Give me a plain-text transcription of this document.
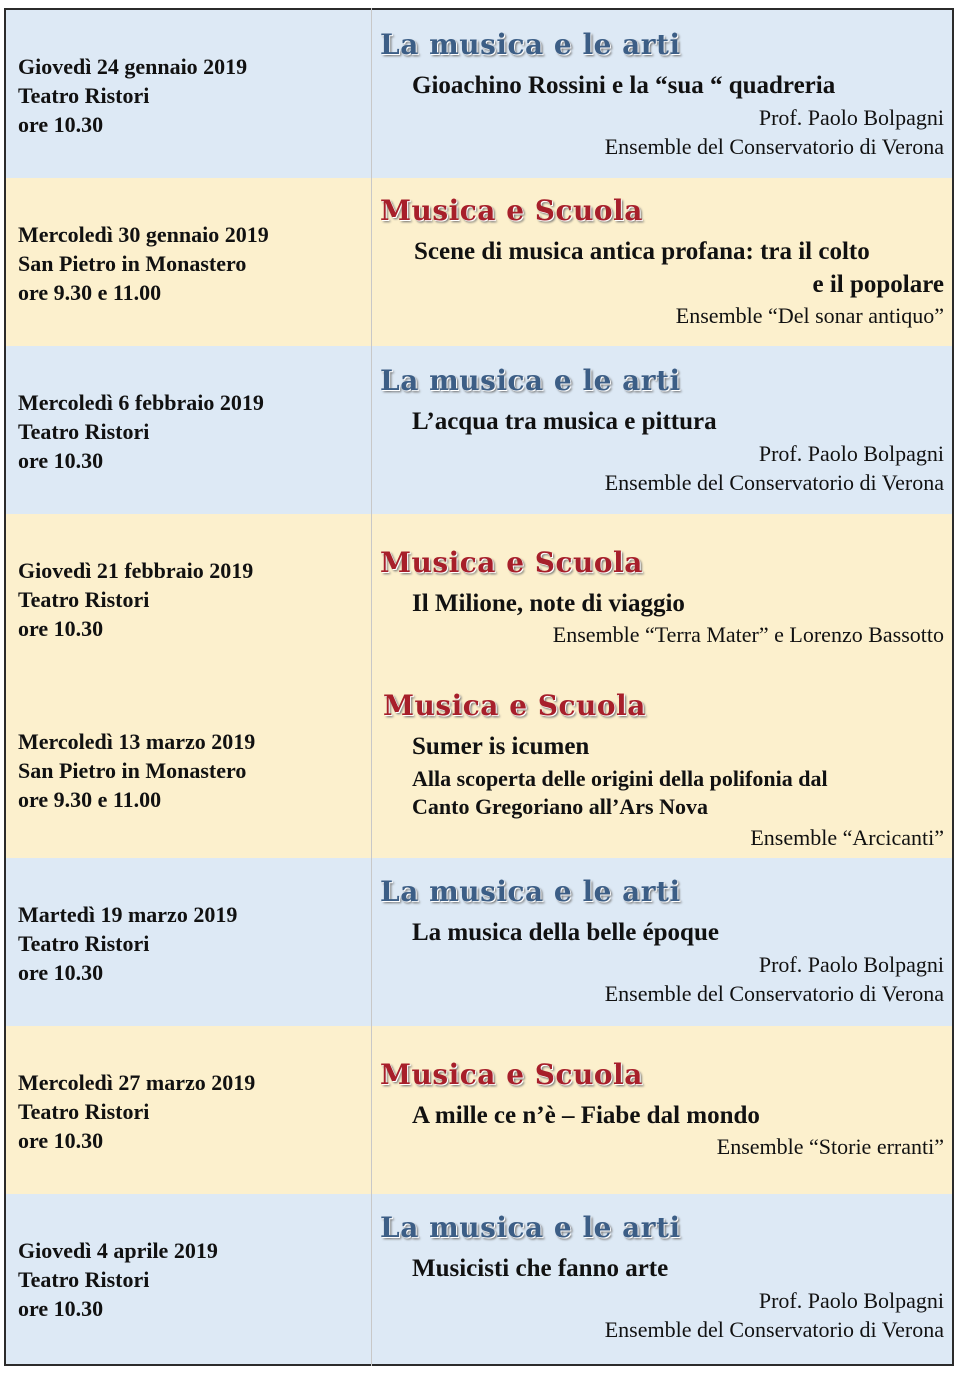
Giovedì 24 gennaio 2019
Teatro Ristori
ore 10.30
La musica e le arti
Gioachino Rossini e la “sua “ quadreria
Prof. Paolo Bolpagni
Ensemble del Conservatorio di Verona
Mercoledì 30 gennaio 2019
San Pietro in Monastero
ore 9.30 e 11.00
Musica e Scuola
Scene di musica antica profana: tra il colto
e il popolare
Ensemble “Del sonar antiquo”
Mercoledì 6 febbraio 2019
Teatro Ristori
ore 10.30
La musica e le arti
L’acqua tra musica e pittura
Prof. Paolo Bolpagni
Ensemble del Conservatorio di Verona
Giovedì 21 febbraio 2019
Teatro Ristori
ore 10.30
Musica e Scuola
Il Milione, note di viaggio
Ensemble “Terra Mater” e Lorenzo Bassotto
Mercoledì 13 marzo 2019
San Pietro in Monastero
ore 9.30 e 11.00
Musica e Scuola
Sumer is icumen
Alla scoperta delle origini della polifonia dal
Canto Gregoriano all’Ars Nova
Ensemble “Arcicanti”
Martedì 19 marzo 2019
Teatro Ristori
ore 10.30
La musica e le arti
La musica della belle époque
Prof. Paolo Bolpagni
Ensemble del Conservatorio di Verona
Mercoledì 27 marzo 2019
Teatro Ristori
ore 10.30
Musica e Scuola
A mille ce n’è – Fiabe dal mondo
Ensemble “Storie erranti”
Giovedì 4 aprile 2019
Teatro Ristori
ore 10.30
La musica e le arti
Musicisti che fanno arte
Prof. Paolo Bolpagni
Ensemble del Conservatorio di Verona
